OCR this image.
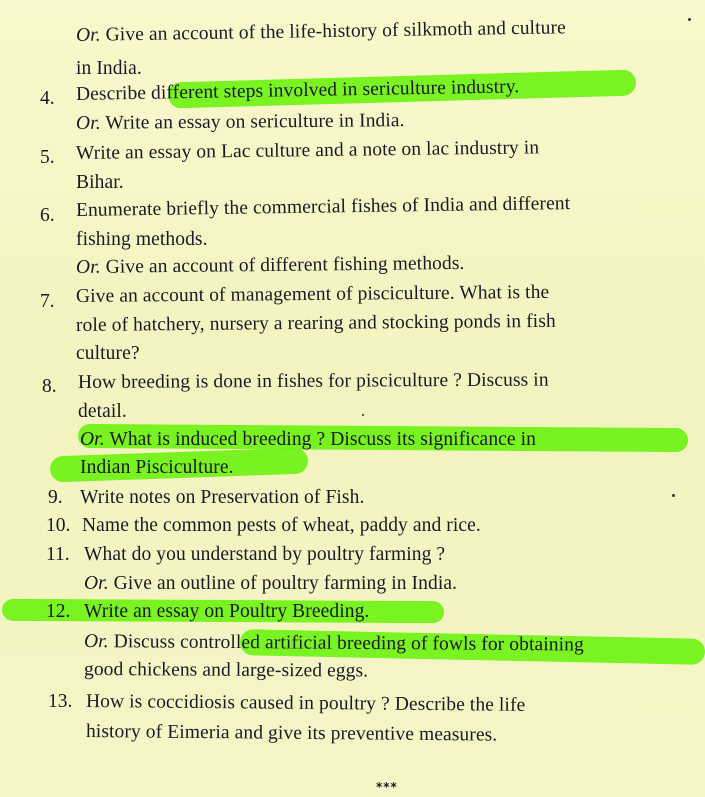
Or. Give an account of the life-history of silkmoth and culture
in India.
4. Describe different steps involved in sericulture industry.
Or. Write an essay on sericulture in India.
5. Write an essay on Lac culture and a note on lac industry in
Bihar.
6. Enumerate briefly the commercial fishes of India and different
fishing methods.
Or. Give an account of different fishing methods.
7. Give an account of management of pisciculture. What is the
role of hatchery, nursery a rearing and stocking ponds in fish
culture?
8. How breeding is done in fishes for pisciculture ? Discuss in
detail.
Or. What is induced breeding ? Discuss its significance in
Indian Pisciculture.
9. Write notes on Preservation of Fish.
10. Name the common pests of wheat, paddy and rice.
11. What do you understand by poultry farming ?
Or. Give an outline of poultry farming in India.
12. Write an essay on Poultry Breeding.
Or. Discuss controlled artificial breeding of fowls for obtaining
good chickens and large-sized eggs.
13. How is coccidiosis caused in poultry ? Describe the life
history of Eimeria and give its preventive measures.
***
